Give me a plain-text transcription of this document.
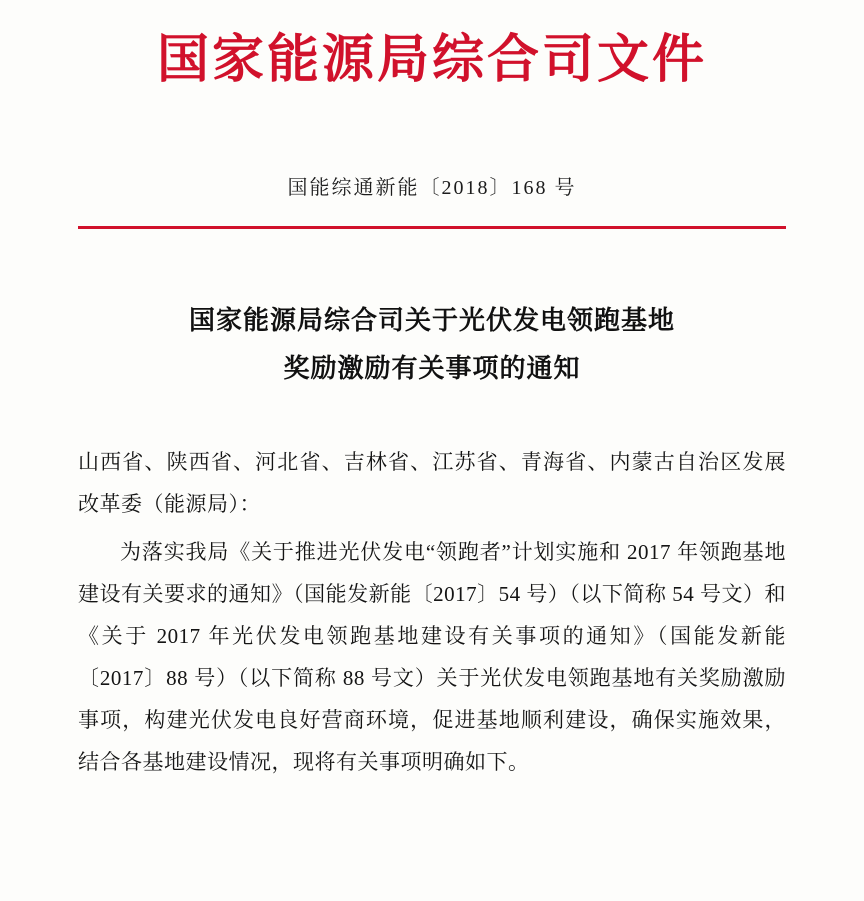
国家能源局综合司文件
国能综通新能〔2018〕168 号
国家能源局综合司关于光伏发电领跑基地
奖励激励有关事项的通知
山西省、陕西省、河北省、吉林省、江苏省、青海省、内蒙古自治区发展改革委（能源局）：
为落实我局《关于推进光伏发电“领跑者”计划实施和 2017 年领跑基地建设有关要求的通知》（国能发新能〔2017〕54 号）（以下简称 54 号文）和《关于 2017 年光伏发电领跑基地建设有关事项的通知》（国能发新能〔2017〕88 号）（以下简称 88 号文）关于光伏发电领跑基地有关奖励激励事项，构建光伏发电良好营商环境，促进基地顺利建设，确保实施效果，结合各基地建设情况，现将有关事项明确如下。
